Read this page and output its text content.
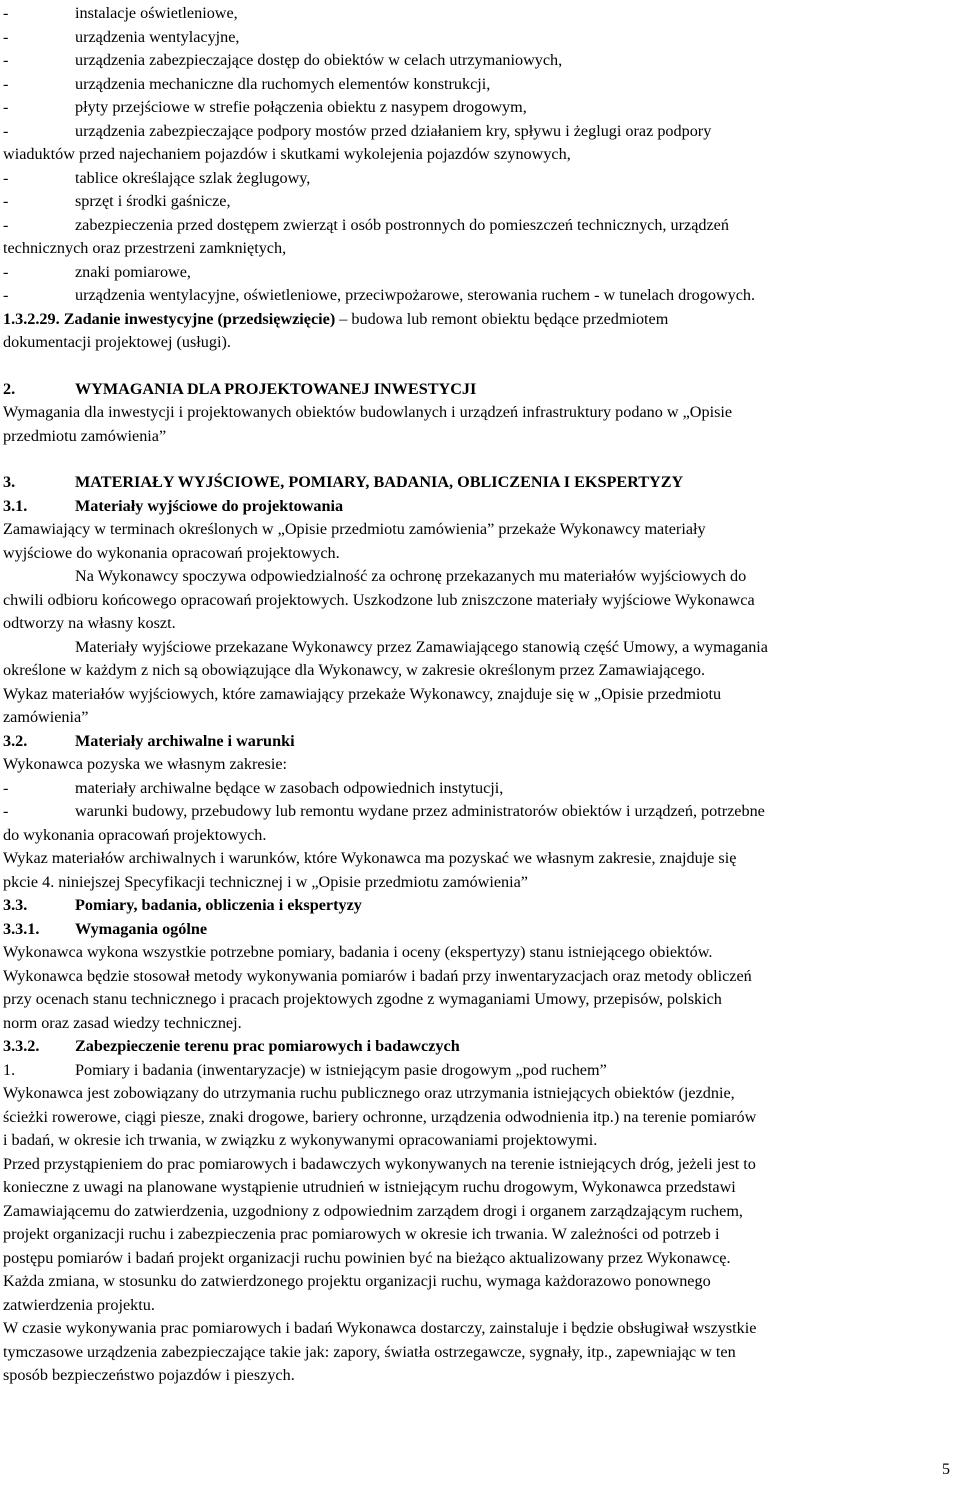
-	instalacje oświetleniowe,
-	urządzenia wentylacyjne,
-	urządzenia zabezpieczające dostęp do obiektów w celach utrzymaniowych,
-	urządzenia mechaniczne dla ruchomych elementów konstrukcji,
-	płyty przejściowe w strefie połączenia obiektu z nasypem drogowym,
-	urządzenia zabezpieczające podpory mostów przed działaniem kry, spływu i żeglugi oraz podpory
wiaduktów przed najechaniem pojazdów i skutkami wykolejenia pojazdów szynowych,
-	tablice określające szlak żeglugowy,
-	sprzęt i środki gaśnicze,
-	zabezpieczenia przed dostępem zwierząt i osób postronnych do pomieszczeń technicznych, urządzeń
technicznych oraz przestrzeni zamkniętych,
-	znaki pomiarowe,
-	urządzenia wentylacyjne, oświetleniowe, przeciwpożarowe, sterowania ruchem - w tunelach drogowych.
1.3.2.29. Zadanie inwestycyjne (przedsięwzięcie) – budowa lub remont obiektu będące przedmiotem
dokumentacji projektowej (usługi).
2.	WYMAGANIA DLA PROJEKTOWANEJ INWESTYCJI
Wymagania dla inwestycji i projektowanych obiektów budowlanych i urządzeń infrastruktury podano w „Opisie
przedmiotu zamówienia”
3.	MATERIAŁY WYJŚCIOWE, POMIARY, BADANIA, OBLICZENIA I EKSPERTYZY
3.1.	Materiały wyjściowe do projektowania
Zamawiający w terminach określonych w „Opisie przedmiotu zamówienia” przekaże Wykonawcy materiały
wyjściowe do wykonania opracowań projektowych.
Na Wykonawcy spoczywa odpowiedzialność za ochronę przekazanych mu materiałów wyjściowych do
chwili odbioru końcowego opracowań projektowych. Uszkodzone lub zniszczone materiały wyjściowe Wykonawca
odtworzy na własny koszt.
Materiały wyjściowe przekazane Wykonawcy przez Zamawiającego stanowią część Umowy, a wymagania
określone w każdym z nich są obowiązujące dla Wykonawcy, w zakresie określonym przez Zamawiającego.
Wykaz materiałów wyjściowych, które zamawiający przekaże Wykonawcy, znajduje się w „Opisie przedmiotu
zamówienia”
3.2.	Materiały archiwalne i warunki
Wykonawca pozyska we własnym zakresie:
-	materiały archiwalne będące w zasobach odpowiednich instytucji,
-	warunki budowy, przebudowy lub remontu wydane przez administratorów obiektów i urządzeń, potrzebne
do wykonania opracowań projektowych.
Wykaz materiałów archiwalnych i warunków, które Wykonawca ma pozyskać we własnym zakresie, znajduje się
pkcie 4. niniejszej Specyfikacji technicznej i w „Opisie przedmiotu zamówienia”
3.3.	Pomiary, badania, obliczenia i ekspertyzy
3.3.1. Wymagania ogólne
Wykonawca wykona wszystkie potrzebne pomiary, badania i oceny (ekspertyzy) stanu istniejącego obiektów.
Wykonawca będzie stosował metody wykonywania pomiarów i badań przy inwentaryzacjach oraz metody obliczeń
przy ocenach stanu technicznego i pracach projektowych zgodne z wymaganiami Umowy, przepisów, polskich
norm oraz zasad wiedzy technicznej.
3.3.2. Zabezpieczenie terenu prac pomiarowych i badawczych
1.	Pomiary i badania (inwentaryzacje) w istniejącym pasie drogowym „pod ruchem”
Wykonawca jest zobowiązany do utrzymania ruchu publicznego oraz utrzymania istniejących obiektów (jezdnie,
ścieżki rowerowe, ciągi piesze, znaki drogowe, bariery ochronne, urządzenia odwodnienia itp.) na terenie pomiarów
i badań, w okresie ich trwania, w związku z wykonywanymi opracowaniami projektowymi.
Przed przystąpieniem do prac pomiarowych i badawczych wykonywanych na terenie istniejących dróg, jeżeli jest to
konieczne z uwagi na planowane wystąpienie utrudnień w istniejącym ruchu drogowym, Wykonawca przedstawi
Zamawiającemu do zatwierdzenia, uzgodniony z odpowiednim zarządem drogi i organem zarządzającym ruchem,
projekt organizacji ruchu i zabezpieczenia prac pomiarowych w okresie ich trwania. W zależności od potrzeb i
postępu pomiarów i badań projekt organizacji ruchu powinien być na bieżąco aktualizowany przez Wykonawcę.
Każda zmiana, w stosunku do zatwierdzonego projektu organizacji ruchu, wymaga każdorazowo ponownego
zatwierdzenia projektu.
W czasie wykonywania prac pomiarowych i badań Wykonawca dostarczy, zainstaluje i będzie obsługiwał wszystkie
tymczasowe urządzenia zabezpieczające takie jak: zapory, światła ostrzegawcze, sygnały, itp., zapewniając w ten
sposób bezpieczeństwo pojazdów i pieszych.
5
